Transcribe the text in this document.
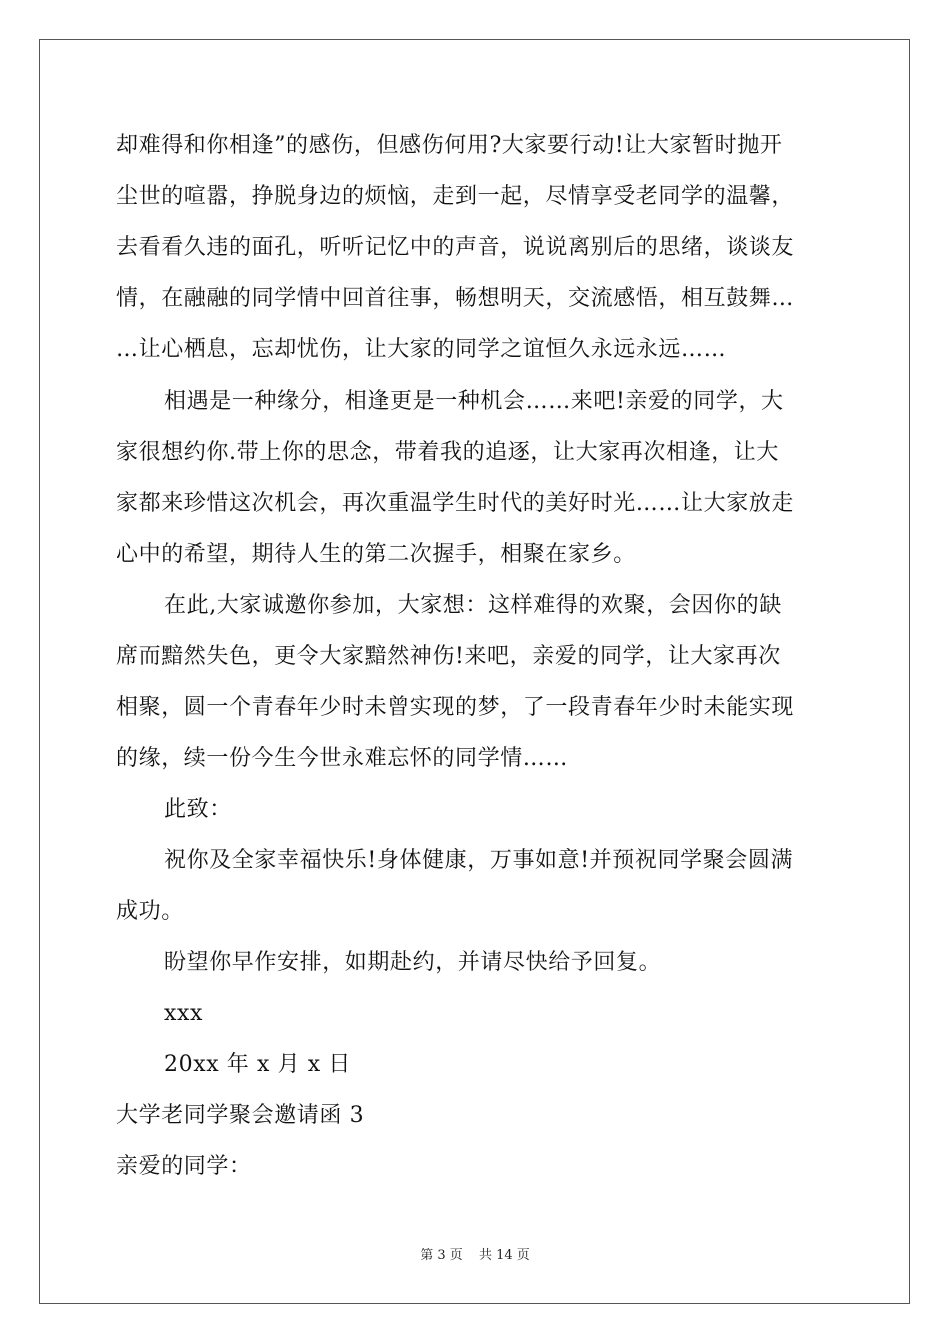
却难得和你相逢”的感伤，但感伤何用?大家要行动!让大家暂时抛开
尘世的喧嚣，挣脱身边的烦恼，走到一起，尽情享受老同学的温馨，
去看看久违的面孔，听听记忆中的声音，说说离别后的思绪，谈谈友
情，在融融的同学情中回首往事，畅想明天，交流感悟，相互鼓舞…
…让心栖息，忘却忧伤，让大家的同学之谊恒久永远永远……
相遇是一种缘分，相逢更是一种机会……来吧!亲爱的同学，大
家很想约你.带上你的思念，带着我的追逐，让大家再次相逢，让大
家都来珍惜这次机会，再次重温学生时代的美好时光……让大家放走
心中的希望，期待人生的第二次握手，相聚在家乡。
在此,大家诚邀你参加，大家想：这样难得的欢聚，会因你的缺
席而黯然失色，更令大家黯然神伤!来吧，亲爱的同学，让大家再次
相聚，圆一个青春年少时未曾实现的梦，了一段青春年少时未能实现
的缘，续一份今生今世永难忘怀的同学情……
此致：
祝你及全家幸福快乐!身体健康，万事如意!并预祝同学聚会圆满
成功。
盼望你早作安排，如期赴约，并请尽快给予回复。
xxx
20xx 年 x 月 x 日
大学老同学聚会邀请函 3
亲爱的同学：
第 3 页 共 14 页
